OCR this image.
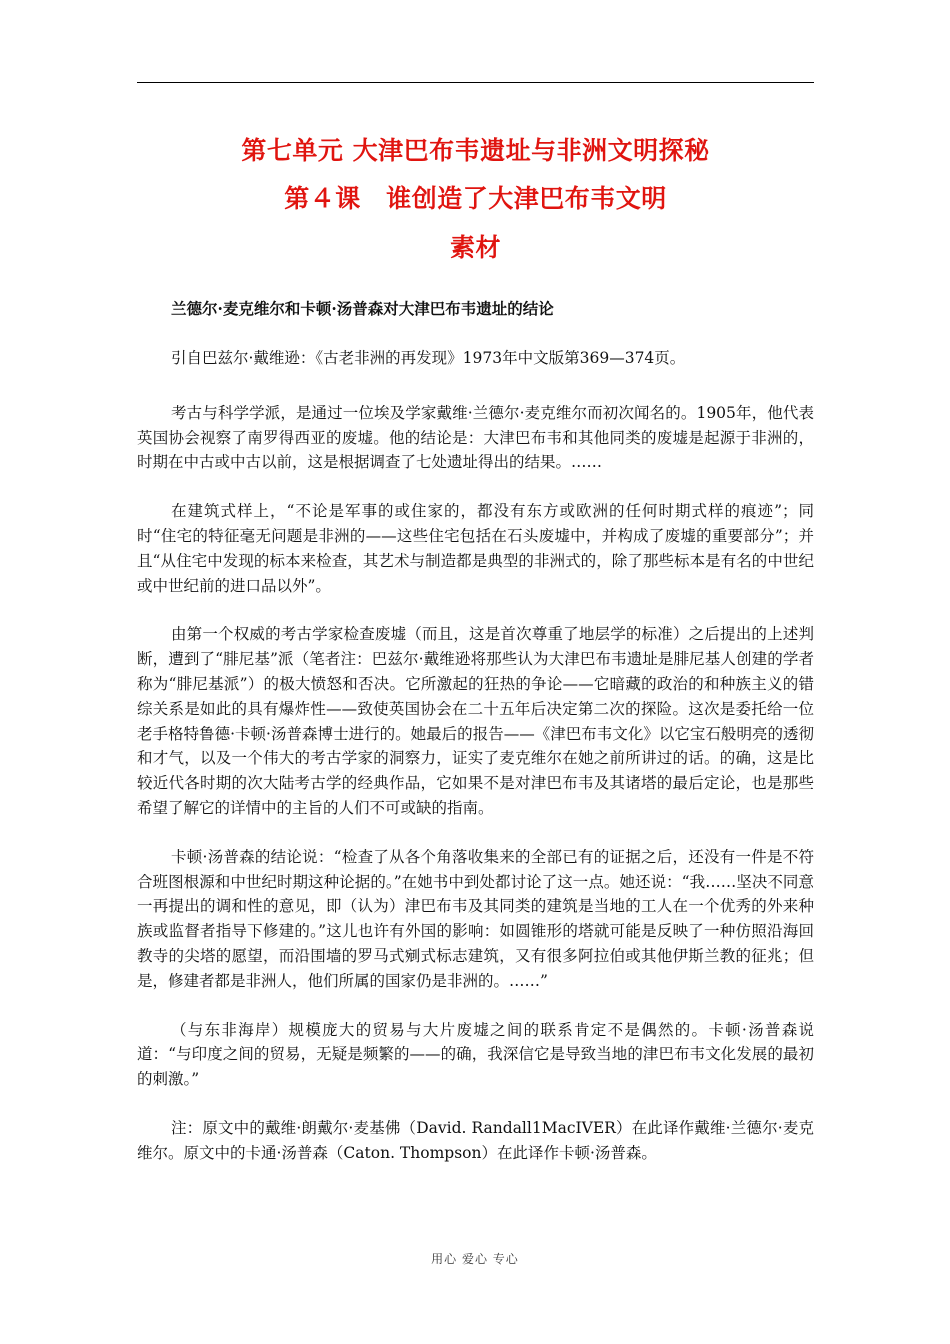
第七单元 大津巴布韦遗址与非洲文明探秘
第４课　谁创造了大津巴布韦文明
素材
兰德尔·麦克维尔和卡顿·汤普森对大津巴布韦遗址的结论

引自巴兹尔·戴维逊：《古老非洲的再发现》1973年中文版第369—374页。

考古与科学学派，是通过一位埃及学家戴维·兰德尔·麦克维尔而初次闻名的。1905年，他代表英国协会视察了南罗得西亚的废墟。他的结论是：大津巴布韦和其他同类的废墟是起源于非洲的，时期在中古或中古以前，这是根据调查了七处遗址得出的结果。……

在建筑式样上，“不论是军事的或住家的，都没有东方或欧洲的任何时期式样的痕迹”；同时“住宅的特征毫无问题是非洲的——这些住宅包括在石头废墟中，并构成了废墟的重要部分”；并且“从住宅中发现的标本来检查，其艺术与制造都是典型的非洲式的，除了那些标本是有名的中世纪或中世纪前的进口品以外”。

由第一个权威的考古学家检查废墟（而且，这是首次尊重了地层学的标准）之后提出的上述判断，遭到了“腓尼基”派（笔者注：巴兹尔·戴维逊将那些认为大津巴布韦遗址是腓尼基人创建的学者称为“腓尼基派”）的极大愤怒和否决。它所激起的狂热的争论——它暗藏的政治的和种族主义的错综关系是如此的具有爆炸性——致使英国协会在二十五年后决定第二次的探险。这次是委托给一位老手格特鲁德·卡顿·汤普森博士进行的。她最后的报告——《津巴布韦文化》以它宝石般明亮的透彻和才气，以及一个伟大的考古学家的洞察力，证实了麦克维尔在她之前所讲过的话。的确，这是比较近代各时期的次大陆考古学的经典作品，它如果不是对津巴布韦及其诸塔的最后定论，也是那些希望了解它的详情中的主旨的人们不可或缺的指南。

卡顿·汤普森的结论说：“检查了从各个角落收集来的全部已有的证据之后，还没有一件是不符合班图根源和中世纪时期这种论据的。”在她书中到处都讨论了这一点。她还说：“我……坚决不同意一再提出的调和性的意见，即（认为）津巴布韦及其同类的建筑是当地的工人在一个优秀的外来种族或监督者指导下修建的。”这儿也许有外国的影响：如圆锥形的塔就可能是反映了一种仿照沿海回教寺的尖塔的愿望，而沿围墙的罗马式剜式标志建筑，又有很多阿拉伯或其他伊斯兰教的征兆；但是，修建者都是非洲人，他们所属的国家仍是非洲的。……”

（与东非海岸）规模庞大的贸易与大片废墟之间的联系肯定不是偶然的。卡顿·汤普森说道：“与印度之间的贸易，无疑是频繁的——的确，我深信它是导致当地的津巴布韦文化发展的最初的刺激。”

注：原文中的戴维·朗戴尔·麦基佛（David. Randall1MacIVER）在此译作戴维·兰德尔·麦克维尔。原文中的卡通·汤普森（Caton. Thompson）在此译作卡顿·汤普森。

用心 爱心 专心
